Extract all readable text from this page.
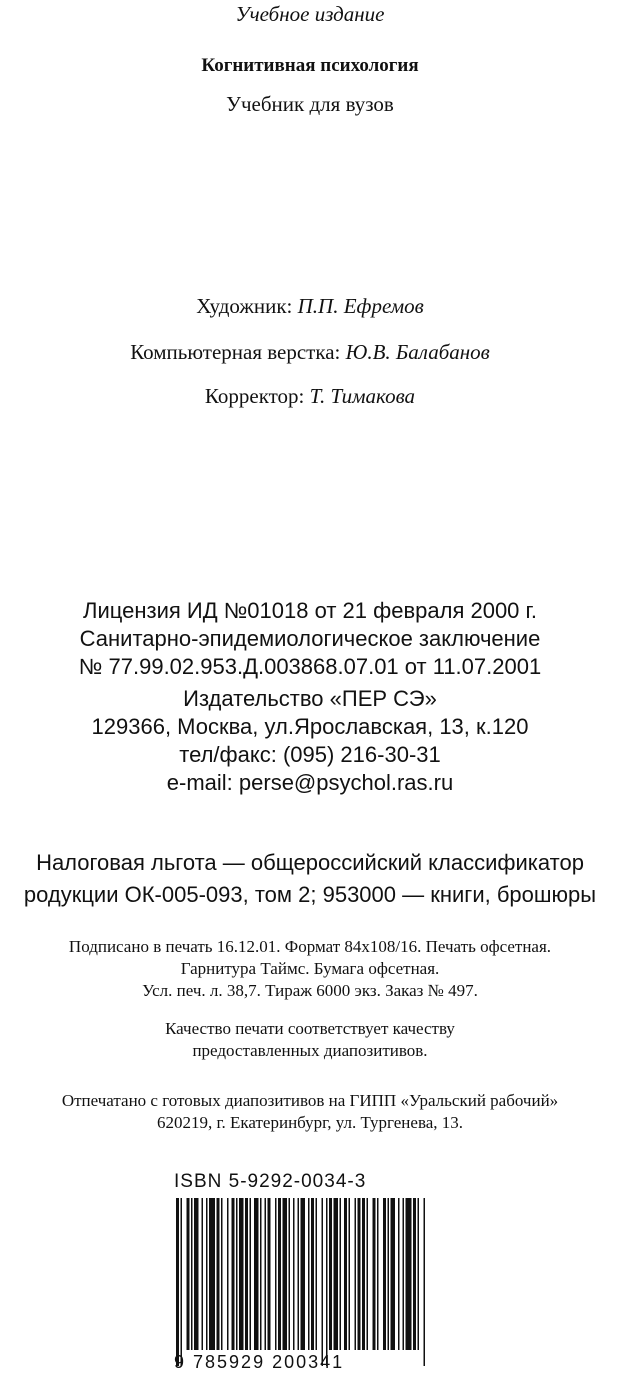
Учебное издание
Когнитивная психология
Учебник для вузов
Художник: П.П. Ефремов
Компьютерная верстка: Ю.В. Балабанов
Корректор: Т. Тимакова
Лицензия ИД №01018 от 21 февраля 2000 г.
Санитарно-эпидемиологическое заключение
№ 77.99.02.953.Д.003868.07.01 от 11.07.2001
Издательство «ПЕР СЭ»
129366, Москва, ул.Ярославская, 13, к.120
тел/факс: (095) 216-30-31
e-mail: perse@psychol.ras.ru
Налоговая льгота — общероссийский классификатор
родукции ОК-005-093, том 2; 953000 — книги, брошюры
Подписано в печать 16.12.01. Формат 84x108/16. Печать офсетная.
Гарнитура Таймс. Бумага офсетная.
Усл. печ. л. 38,7. Тираж 6000 экз. Заказ № 497.
Качество печати соответствует качеству
предоставленных диапозитивов.
Отпечатано с готовых диапозитивов на ГИПП «Уральский рабочий»
620219, г. Екатеринбург, ул. Тургенева, 13.
ISBN 5-9292-0034-3
9 785929 200341
